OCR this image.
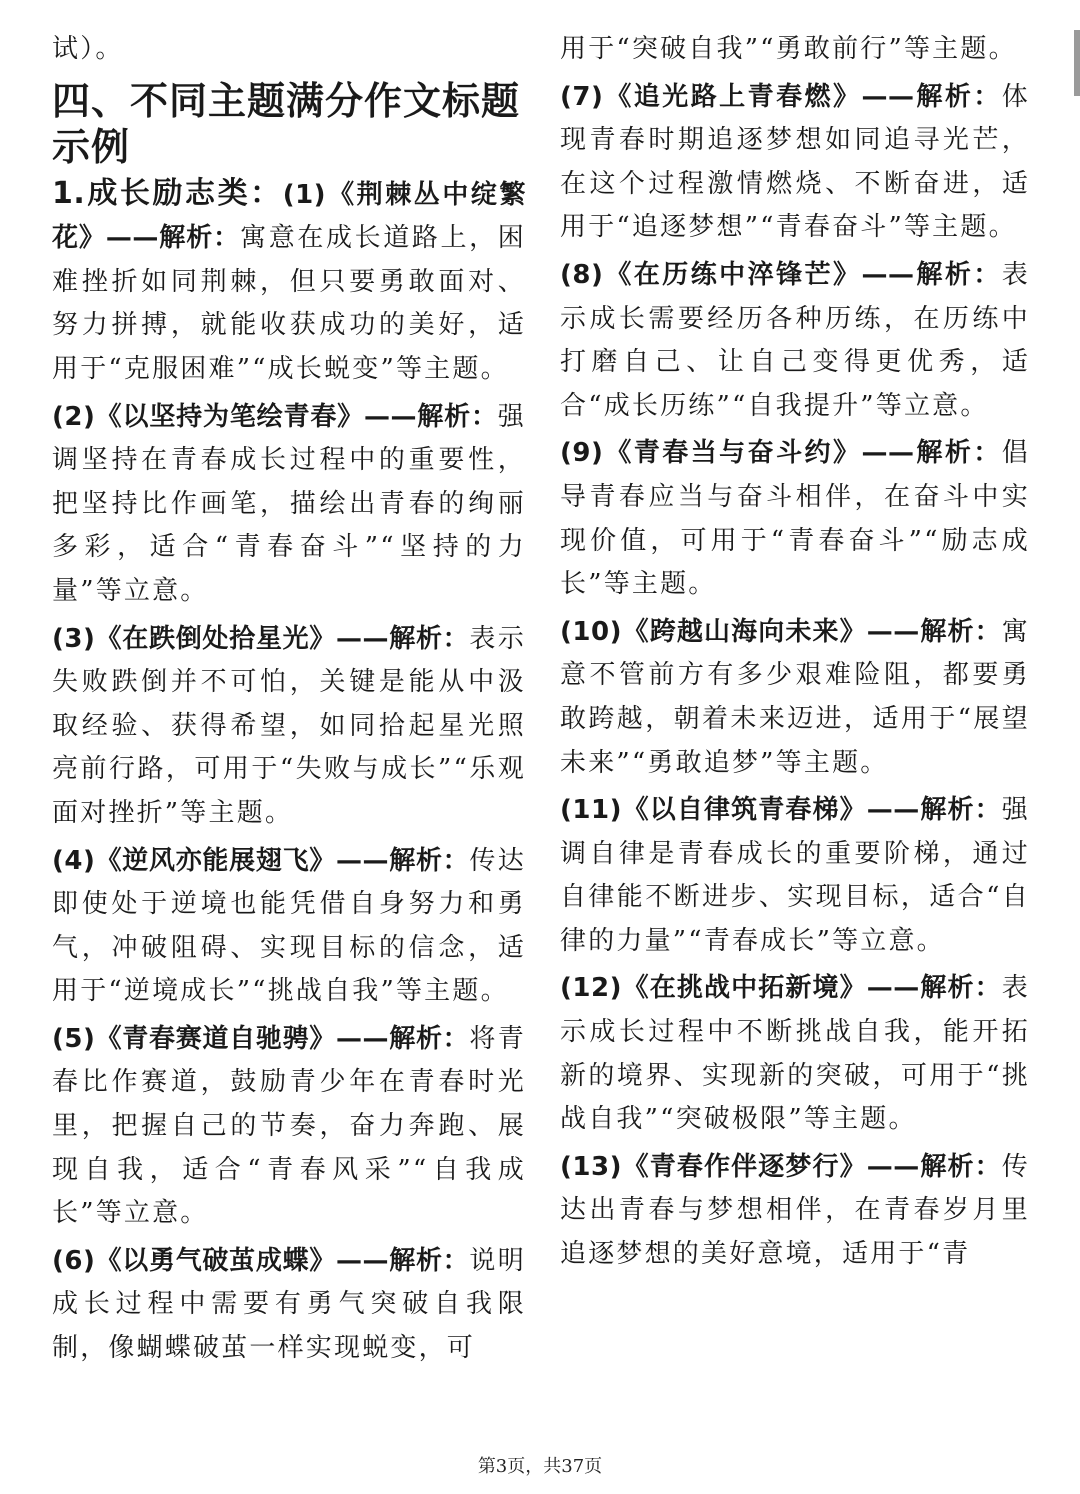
试）。

四、不同主题满分作文标题示例

1.成长励志类：(1)《荆棘丛中绽繁花》——解析：寓意在成长道路上，困难挫折如同荆棘，但只要勇敢面对、努力拼搏，就能收获成功的美好，适用于“克服困难”“成长蜕变”等主题。

(2)《以坚持为笔绘青春》——解析：强调坚持在青春成长过程中的重要性，把坚持比作画笔，描绘出青春的绚丽多彩，适合“青春奋斗”“坚持的力量”等立意。

(3)《在跌倒处拾星光》——解析：表示失败跌倒并不可怕，关键是能从中汲取经验、获得希望，如同拾起星光照亮前行路，可用于“失败与成长”“乐观面对挫折”等主题。

(4)《逆风亦能展翅飞》——解析：传达即使处于逆境也能凭借自身努力和勇气，冲破阻碍、实现目标的信念，适用于“逆境成长”“挑战自我”等主题。

(5)《青春赛道自驰骋》——解析：将青春比作赛道，鼓励青少年在青春时光里，把握自己的节奏，奋力奔跑、展现自我，适合“青春风采”“自我成长”等立意。

(6)《以勇气破茧成蝶》——解析：说明成长过程中需要有勇气突破自我限制，像蝴蝶破茧一样实现蜕变，可

用于“突破自我”“勇敢前行”等主题。

(7)《追光路上青春燃》——解析：体现青春时期追逐梦想如同追寻光芒，在这个过程激情燃烧、不断奋进，适用于“追逐梦想”“青春奋斗”等主题。

(8)《在历练中淬锋芒》——解析：表示成长需要经历各种历练，在历练中打磨自己、让自己变得更优秀，适合“成长历练”“自我提升”等立意。

(9)《青春当与奋斗约》——解析：倡导青春应当与奋斗相伴，在奋斗中实现价值，可用于“青春奋斗”“励志成长”等主题。

(10)《跨越山海向未来》——解析：寓意不管前方有多少艰难险阻，都要勇敢跨越，朝着未来迈进，适用于“展望未来”“勇敢追梦”等主题。

(11)《以自律筑青春梯》——解析：强调自律是青春成长的重要阶梯，通过自律能不断进步、实现目标，适合“自律的力量”“青春成长”等立意。

(12)《在挑战中拓新境》——解析：表示成长过程中不断挑战自我，能开拓新的境界、实现新的突破，可用于“挑战自我”“突破极限”等主题。

(13)《青春作伴逐梦行》——解析：传达出青春与梦想相伴，在青春岁月里追逐梦想的美好意境，适用于“青

第3页，共37页
